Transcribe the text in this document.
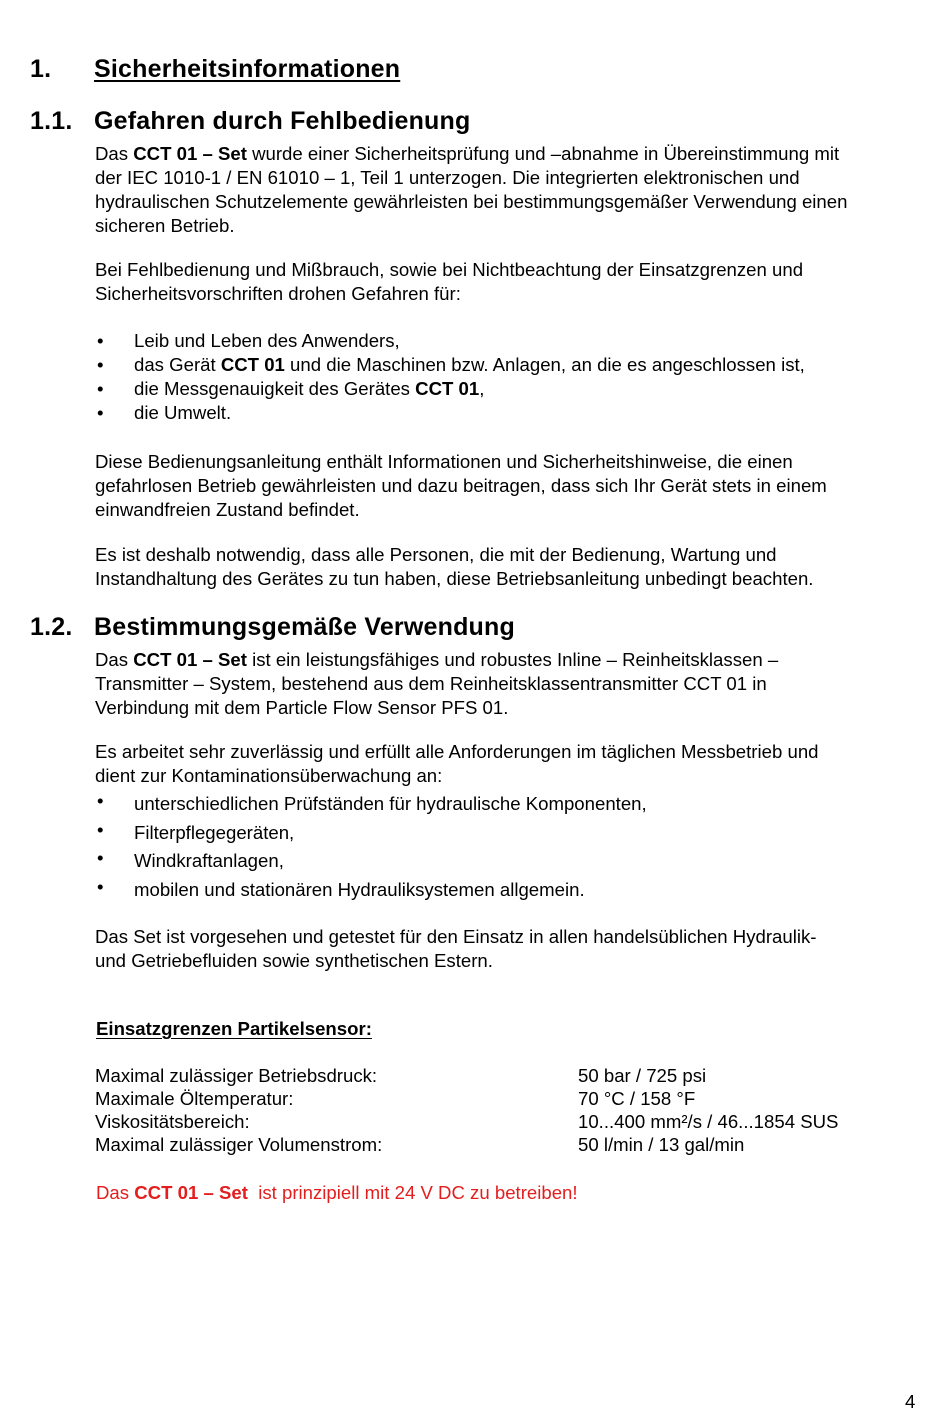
1. Sicherheitsinformationen
1.1. Gefahren durch Fehlbedienung
Das CCT 01 – Set wurde einer Sicherheitsprüfung und –abnahme in Übereinstimmung mit
der IEC 1010-1 / EN 61010 – 1, Teil 1 unterzogen. Die integrierten elektronischen und
hydraulischen Schutzelemente gewährleisten bei bestimmungsgemäßer Verwendung einen
sicheren Betrieb.
Bei Fehlbedienung und Mißbrauch, sowie bei Nichtbeachtung der Einsatzgrenzen und
Sicherheitsvorschriften drohen Gefahren für:
• Leib und Leben des Anwenders,
• das Gerät CCT 01 und die Maschinen bzw. Anlagen, an die es angeschlossen ist,
• die Messgenauigkeit des Gerätes CCT 01,
• die Umwelt.
Diese Bedienungsanleitung enthält Informationen und Sicherheitshinweise, die einen
gefahrlosen Betrieb gewährleisten und dazu beitragen, dass sich Ihr Gerät stets in einem
einwandfreien Zustand befindet.
Es ist deshalb notwendig, dass alle Personen, die mit der Bedienung, Wartung und
Instandhaltung des Gerätes zu tun haben, diese Betriebsanleitung unbedingt beachten.
1.2. Bestimmungsgemäße Verwendung
Das CCT 01 – Set ist ein leistungsfähiges und robustes Inline – Reinheitsklassen –
Transmitter – System, bestehend aus dem Reinheitsklassentransmitter CCT 01 in
Verbindung mit dem Particle Flow Sensor PFS 01.
Es arbeitet sehr zuverlässig und erfüllt alle Anforderungen im täglichen Messbetrieb und
dient zur Kontaminationsüberwachung an:
• unterschiedlichen Prüfständen für hydraulische Komponenten,
• Filterpflegegeräten,
• Windkraftanlagen,
• mobilen und stationären Hydrauliksystemen allgemein.
Das Set ist vorgesehen und getestet für den Einsatz in allen handelsüblichen Hydraulik-
und Getriebefluiden sowie synthetischen Estern.
Einsatzgrenzen Partikelsensor:
Maximal zulässiger Betriebsdruck:	50 bar / 725 psi
Maximale Öltemperatur:	70 °C / 158 °F
Viskositätsbereich:	10...400 mm²/s / 46...1854 SUS
Maximal zulässiger Volumenstrom:	50 l/min / 13 gal/min
Das CCT 01 – Set  ist prinzipiell mit 24 V DC zu betreiben!
4
